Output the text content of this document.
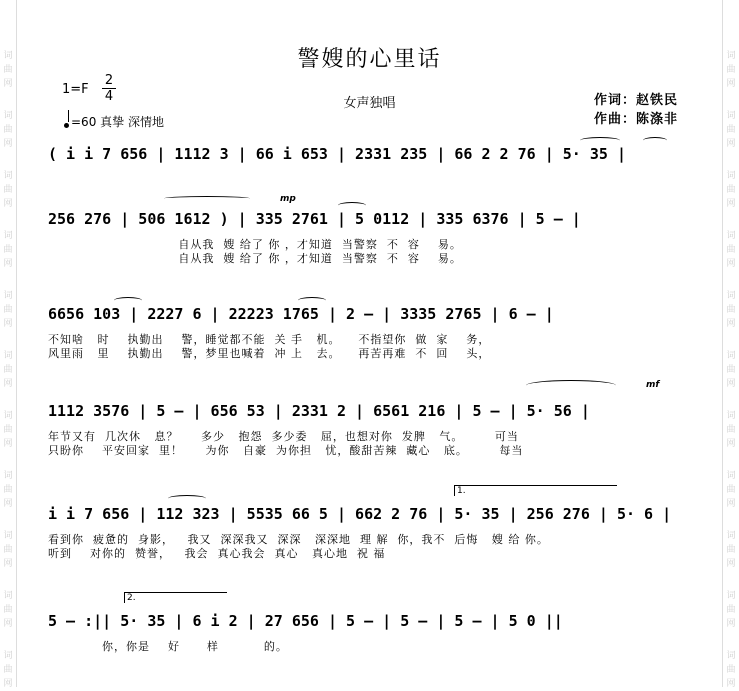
词
曲
网
词
曲
网
词
曲
网
词
曲
网
词
曲
网
词
曲
网
词
曲
网
词
曲
网
词
曲
网
词
曲
网
词
曲
网
词
曲
网
词
曲
网
词
曲
网
词
曲
网
词
曲
网
词
曲
网
词
曲
网
词
曲
网
词
曲
网
词
曲
网
词
曲
网
警嫂的心里话
1=F
2
4
=60 真挚 深情地
女声独唱	作词：赵铁民
作曲：陈涤非
( i i 7 656 | 1112 3 | 66 i 653 | 2331 235 | 66 2 2 76 | 5· 35 |
256 276 | 506 1612 ) | 335 2761 | 5 0112 | 335 6376 | 5 – |
自从我  嫂 给了 你 ，才知道  当警察  不  容    易。
自从我  嫂 给了 你 ，才知道  当警察  不  容    易。
mp
6656 103 | 2227 6 | 22223 1765 | 2 – | 3335 2765 | 6 – |
不知啥   时    执勤出    警，睡觉都不能  关 手   机。    不指望你  做  家    务，
风里雨   里    执勤出    警，梦里也喊着  冲 上   去。    再苦再难  不  回    头，
1112 3576 | 5 – | 656 53 | 2331 2 | 6561 216 | 5 – | 5· 56 |
年节又有  几次休   息？     多少   抱怨  多少委   屈，也想对你  发脾   气。       可当
只盼你    平安回家  里！     为你   自豪  为你担   忧，酸甜苦辣  藏心   底。       每当
mf
i i 7 656 | 112 323 | 5535 66 5 | 662 2 76 | 5· 35 | 256 276 | 5· 6 |
看到你  疲惫的  身影，   我又  深深我又  深深   深深地  理 解  你，我不  后悔   嫂 给 你。
听到    对你的  赞誉，   我会  真心我会  真心   真心地  祝 福
1.
5 – :|| 5· 35 | 6 i 2 | 27 656 | 5 – | 5 – | 5 – | 5 0 ||
你，你是    好      样          的。
2.
